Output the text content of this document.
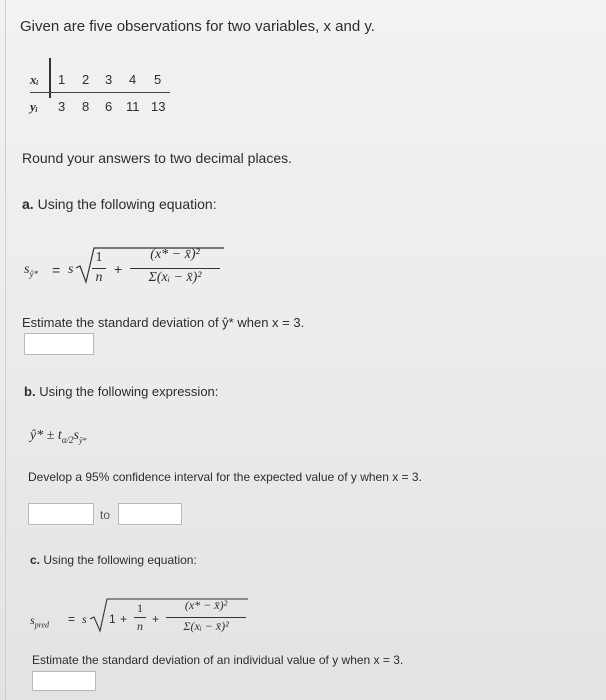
Given are five observations for two variables, x and y.
xᵢ 1 2 3 4 5
yᵢ 3 8 6 11 13
Round your answers to two decimal places.
a. Using the following equation:
$s_{ŷ*} = s$
1
n
+
(x* − x̄)²
Σ(xᵢ − x̄)²
Estimate the standard deviation of ŷ* when x = 3.
b. Using the following expression:
ŷ* ± $t_{\alpha/2}s_{ŷ*}$
Develop a 95% confidence interval for the expected value of y when x = 3.
to
c. Using the following equation:
$s_{pred} = s$ 1 +
1
n +
(x* − x̄)²
Σ(xᵢ − x̄)²
Estimate the standard deviation of an individual value of y when x = 3.
